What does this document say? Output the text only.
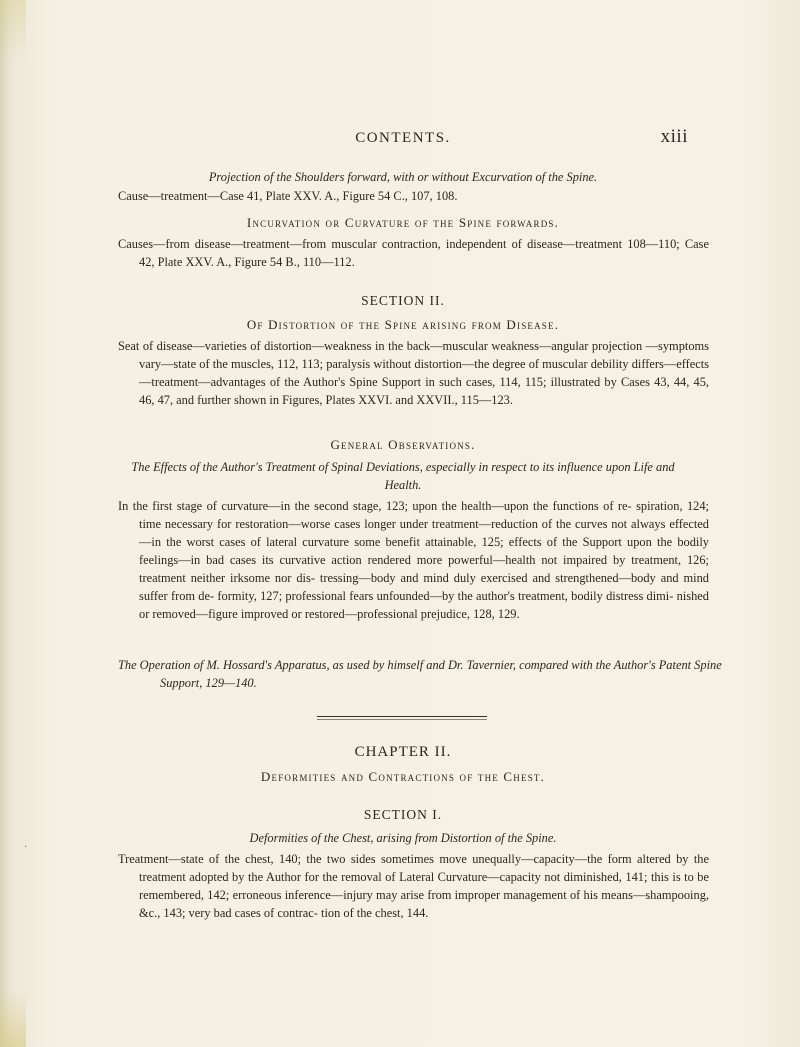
·
CONTENTS.	xiii
Projection of the Shoulders forward, with or without Excurvation of the Spine.
Cause—treatment—Case 41, Plate XXV. A., Figure 54 C., 107, 108.
Incurvation or Curvature of the Spine forwards.
Causes—from disease—treatment—from muscular contraction, independent of disease—treatment 108—110; Case 42, Plate XXV. A., Figure 54 B., 110—112.
SECTION II.
Of Distortion of the Spine arising from Disease.
Seat of disease—varieties of distortion—weakness in the back—muscular weakness—angular projection —symptoms vary—state of the muscles, 112, 113; paralysis without distortion—the degree of muscular debility differs—effects—treatment—advantages of the Author's Spine Support in such cases, 114, 115; illustrated by Cases 43, 44, 45, 46, 47, and further shown in Figures, Plates XXVI. and XXVII., 115—123.
General Observations.
The Effects of the Author's Treatment of Spinal Deviations, especially in respect to its influence upon Life and Health.
In the first stage of curvature—in the second stage, 123; upon the health—upon the functions of re- spiration, 124; time necessary for restoration—worse cases longer under treatment—reduction of the curves not always effected—in the worst cases of lateral curvature some benefit attainable, 125; effects of the Support upon the bodily feelings—in bad cases its curvative action rendered more powerful—health not impaired by treatment, 126; treatment neither irksome nor dis- tressing—body and mind duly exercised and strengthened—body and mind suffer from de- formity, 127; professional fears unfounded—by the author's treatment, bodily distress dimi- nished or removed—figure improved or restored—professional prejudice, 128, 129.
The Operation of M. Hossard's Apparatus, as used by himself and Dr. Tavernier, compared with the Author's Patent Spine Support, 129—140.
CHAPTER II.
Deformities and Contractions of the Chest.
SECTION I.
Deformities of the Chest, arising from Distortion of the Spine.
Treatment—state of the chest, 140; the two sides sometimes move unequally—capacity—the form altered by the treatment adopted by the Author for the removal of Lateral Curvature—capacity not diminished, 141; this is to be remembered, 142; erroneous inference—injury may arise from improper management of his means—shampooing, &c., 143; very bad cases of contrac- tion of the chest, 144.
